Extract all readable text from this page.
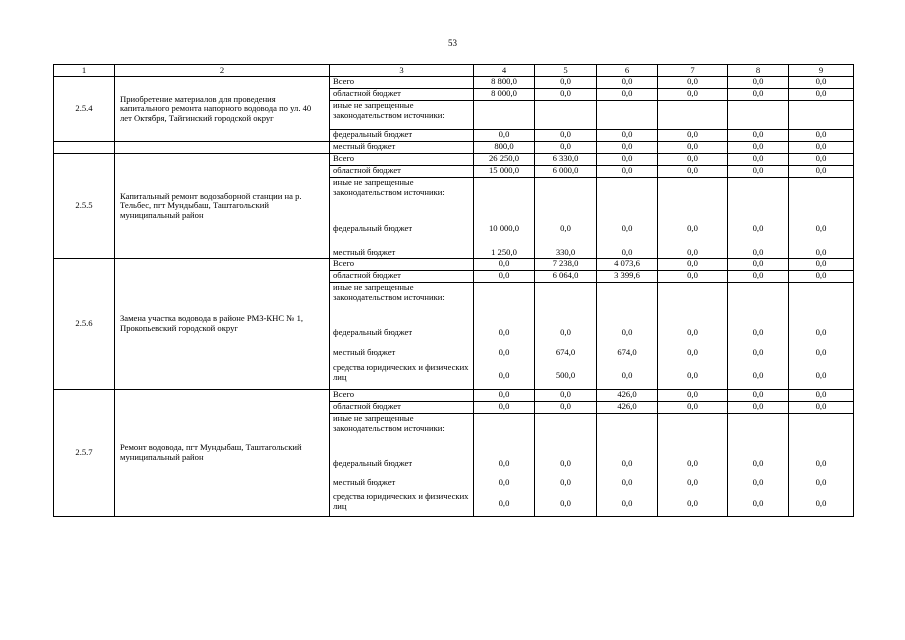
53
1	2	3	4	5	6	7	8	9
2.5.4	Приобретение материалов для проведения капитального ремонта напорного водовода по ул. 40 лет Октября, Тайгинский городской округ	Всего	8 800,0	0,0	0,0	0,0	0,0	0,0
		областной бюджет	8 000,0	0,0	0,0	0,0	0,0	0,0
		иные не запрещенные законодательством источники:						

		федеральный бюджет	0,0	0,0	0,0	0,0	0,0	0,0
		местный бюджет	800,0	0,0	0,0	0,0	0,0	0,0
2.5.5	Капитальный ремонт водозаборной станции на р. Тельбес, пгт Мундыбаш, Таштагольский муниципальный район	Всего	26 250,0	6 330,0	0,0	0,0	0,0	0,0
		областной бюджет	15 000,0	6 000,0	0,0	0,0	0,0	0,0
		иные не запрещенные законодательством источники:						
		федеральный бюджет	10 000,0	0,0	0,0	0,0	0,0	0,0
		местный бюджет	1 250,0	330,0	0,0	0,0	0,0	0,0
2.5.6	Замена участка водовода в районе РМЗ-КНС № 1, Прокопьевский городской округ	Всего	0,0	7 238,0	4 073,6	0,0	0,0	0,0
		областной бюджет	0,0	6 064,0	3 399,6	0,0	0,0	0,0
		иные не запрещенные законодательством источники:						
		федеральный бюджет	0,0	0,0	0,0	0,0	0,0	0,0
		местный бюджет	0,0	674,0	674,0	0,0	0,0	0,0
		средства юридических и физических лиц	0,0	500,0	0,0	0,0	0,0	0,0
2.5.7	Ремонт водовода, пгт Мундыбаш, Таштагольский муниципальный район	Всего	0,0	0,0	426,0	0,0	0,0	0,0
		областной бюджет	0,0	0,0	426,0	0,0	0,0	0,0
		иные не запрещенные законодательством источники:						
		федеральный бюджет	0,0	0,0	0,0	0,0	0,0	0,0
		местный бюджет	0,0	0,0	0,0	0,0	0,0	0,0
		средства юридических и физических лиц	0,0	0,0	0,0	0,0	0,0	0,0
